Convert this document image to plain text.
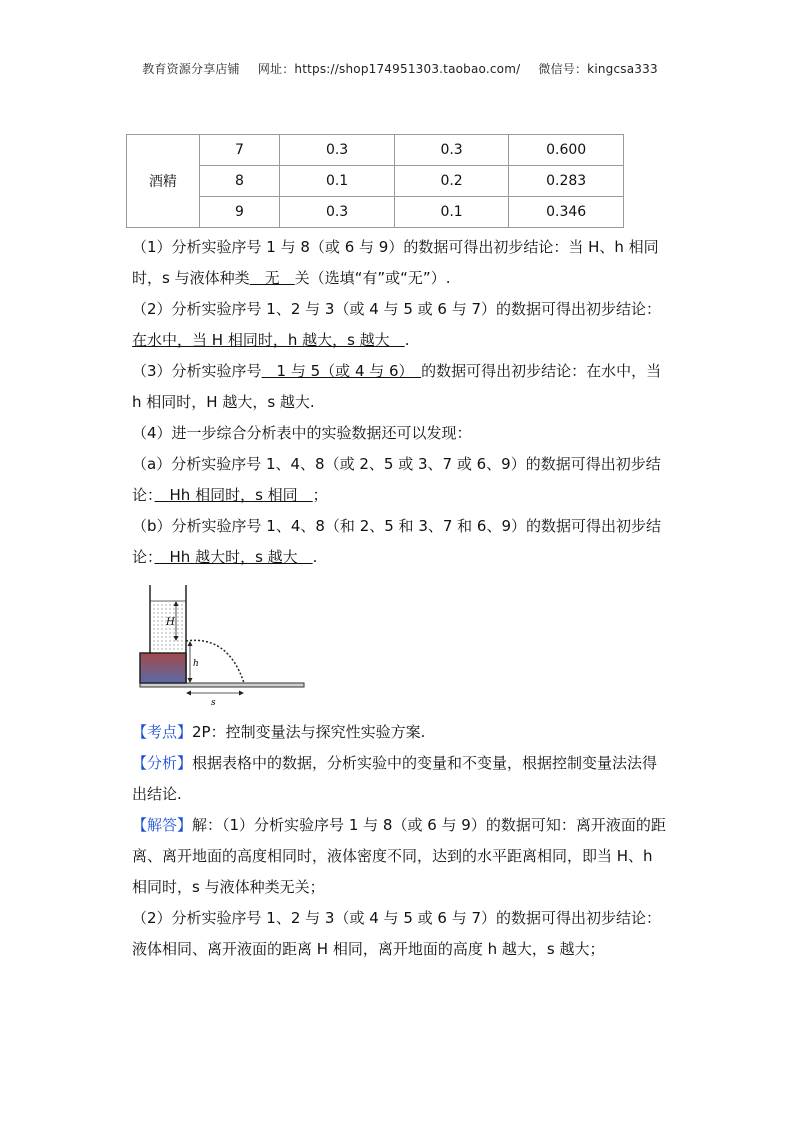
教育资源分享店铺 网址：https://shop174951303.taobao.com/ 微信号：kingcsa333
酒精	7	0.3	0.3	0.600
	8	0.1	0.2	0.283
	9	0.3	0.1	0.346

（1）分析实验序号 1 与 8（或 6 与 9）的数据可得出初步结论：当 H、h 相同时，s 与液体种类　无　关（选填“有”或“无”）.

（2）分析实验序号 1、2 与 3（或 4 与 5 或 6 与 7）的数据可得出初步结论：在水中，当 H 相同时，h 越大，s 越大　.

（3）分析实验序号　1 与 5（或 4 与 6）　的数据可得出初步结论：在水中，当 h 相同时，H 越大，s 越大.

（4）进一步综合分析表中的实验数据还可以发现：

（a）分析实验序号 1、4、8（或 2、5 或 3、7 或 6、9）的数据可得出初步结论：　Hh 相同时，s 相同　；

（b）分析实验序号 1、4、8（和 2、5 和 3、7 和 6、9）的数据可得出初步结论：　Hh 越大时，s 越大　.

H
h
s

【考点】2P：控制变量法与探究性实验方案.

【分析】根据表格中的数据，分析实验中的变量和不变量，根据控制变量法法得出结论.

【解答】解：（1）分析实验序号 1 与 8（或 6 与 9）的数据可知：离开液面的距离、离开地面的高度相同时，液体密度不同，达到的水平距离相同，即当 H、h 相同时，s 与液体种类无关；

（2）分析实验序号 1、2 与 3（或 4 与 5 或 6 与 7）的数据可得出初步结论：液体相同、离开液面的距离 H 相同，离开地面的高度 h 越大，s 越大；
